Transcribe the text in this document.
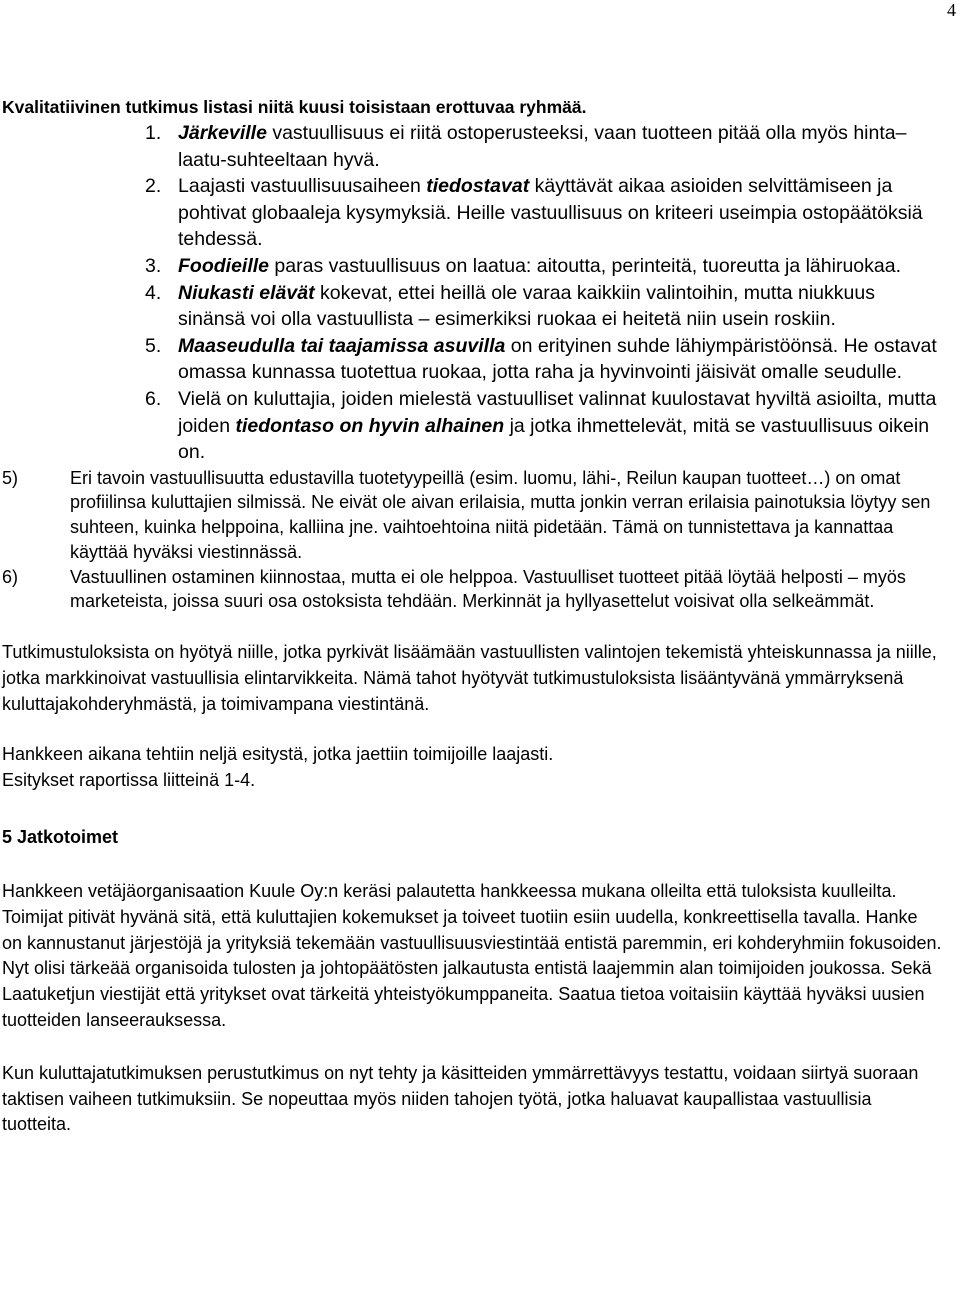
4

Kvalitatiivinen tutkimus listasi niitä kuusi toisistaan erottuvaa ryhmää.

1. Järkeville vastuullisuus ei riitä ostoperusteeksi, vaan tuotteen pitää olla myös hinta–laatu-suhteeltaan hyvä.
2. Laajasti vastuullisuusaiheen tiedostavat käyttävät aikaa asioiden selvittämiseen ja pohtivat globaaleja kysymyksiä. Heille vastuullisuus on kriteeri useimpia ostopäätöksiä tehdessä.
3. Foodieille paras vastuullisuus on laatua: aitoutta, perinteitä, tuoreutta ja lähiruokaa.
4. Niukasti elävät kokevat, ettei heillä ole varaa kaikkiin valintoihin, mutta niukkuus sinänsä voi olla vastuullista – esimerkiksi ruokaa ei heitetä niin usein roskiin.
5. Maaseudulla tai taajamissa asuvilla on erityinen suhde lähiympäristöönsä. He ostavat omassa kunnassa tuotettua ruokaa, jotta raha ja hyvinvointi jäisivät omalle seudulle.
6. Vielä on kuluttajia, joiden mielestä vastuulliset valinnat kuulostavat hyviltä asioilta, mutta joiden tiedontaso on hyvin alhainen ja jotka ihmettelevät, mitä se vastuullisuus oikein on.
5)	Eri tavoin vastuullisuutta edustavilla tuotetyypeillä (esim. luomu, lähi-, Reilun kaupan tuotteet…) on omat profiilinsa kuluttajien silmissä. Ne eivät ole aivan erilaisia, mutta jonkin verran erilaisia painotuksia löytyy sen suhteen, kuinka helppoina, kalliina jne. vaihtoehtoina niitä pidetään. Tämä on tunnistettava ja kannattaa käyttää hyväksi viestinnässä.
6)	Vastuullinen ostaminen kiinnostaa, mutta ei ole helppoa. Vastuulliset tuotteet pitää löytää helposti – myös marketeista, joissa suuri osa ostoksista tehdään. Merkinnät ja hyllyasettelut voisivat olla selkeämmät.

Tutkimustuloksista on hyötyä niille, jotka pyrkivät lisäämään vastuullisten valintojen tekemistä yhteiskunnassa ja niille, jotka markkinoivat vastuullisia elintarvikkeita. Nämä tahot hyötyvät tutkimustuloksista lisääntyvänä ymmärryksenä kuluttajakohderyhmästä, ja toimivampana viestintänä.

Hankkeen aikana tehtiin neljä esitystä, jotka jaettiin toimijoille laajasti.

Esitykset raportissa liitteinä 1-4.

5 Jatkotoimet

Hankkeen vetäjäorganisaation Kuule Oy:n keräsi palautetta hankkeessa mukana olleilta että tuloksista kuulleilta. Toimijat pitivät hyvänä sitä, että kuluttajien kokemukset ja toiveet tuotiin esiin uudella, konkreettisella tavalla. Hanke on kannustanut järjestöjä ja yrityksiä tekemään vastuullisuusviestintää entistä paremmin, eri kohderyhmiin fokusoiden. Nyt olisi tärkeää organisoida tulosten ja johtopäätösten jalkautusta entistä laajemmin alan toimijoiden joukossa. Sekä Laatuketjun viestijät että yritykset ovat tärkeitä yhteistyökumppaneita. Saatua tietoa voitaisiin käyttää hyväksi uusien tuotteiden lanseerauksessa.

Kun kuluttajatutkimuksen perustutkimus on nyt tehty ja käsitteiden ymmärrettävyys testattu, voidaan siirtyä suoraan taktisen vaiheen tutkimuksiin. Se nopeuttaa myös niiden tahojen työtä, jotka haluavat kaupallistaa vastuullisia tuotteita.
